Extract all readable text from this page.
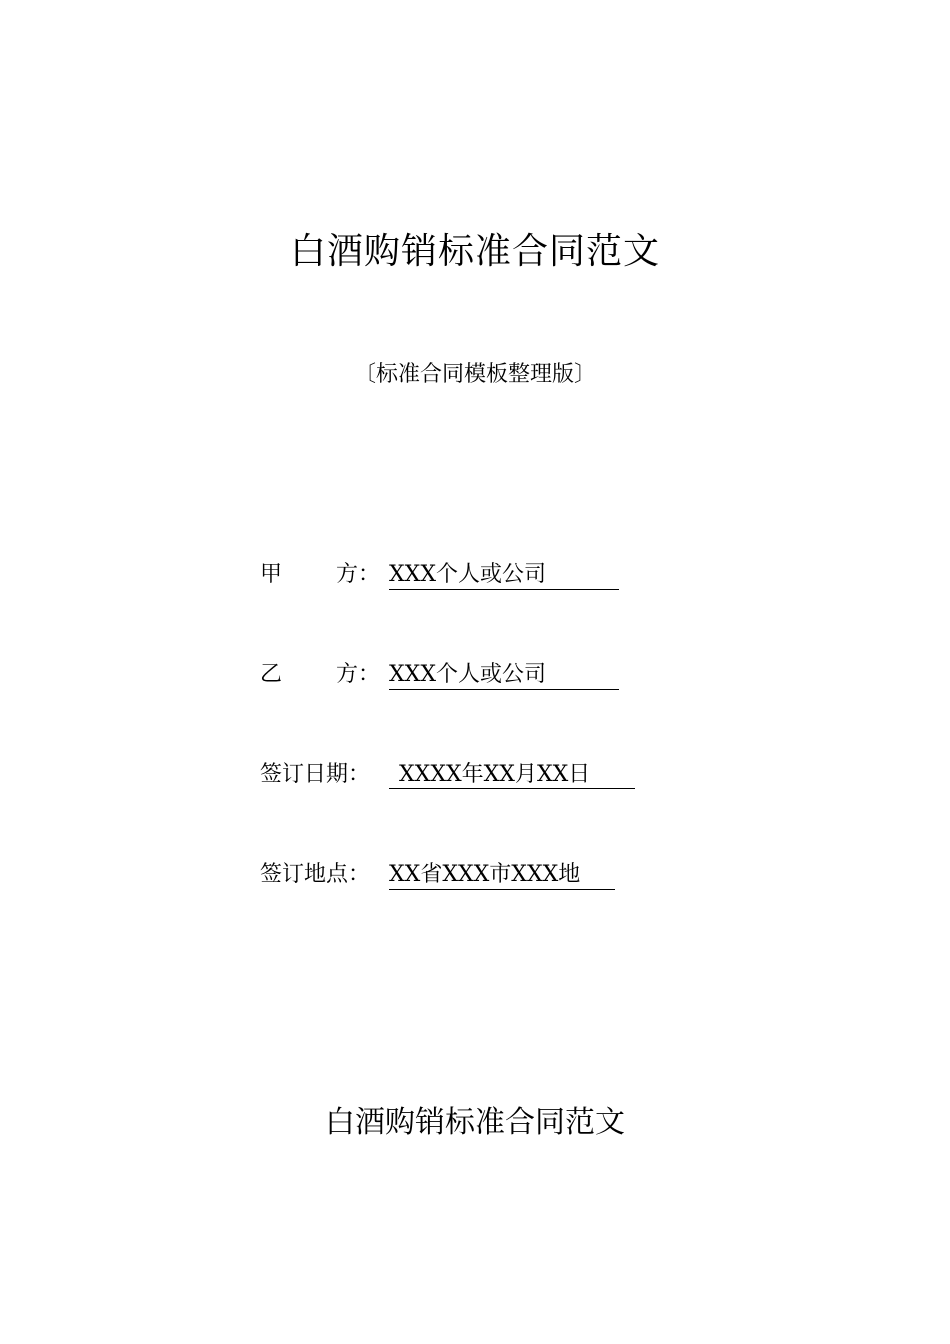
白酒购销标准合同范文
〔标准合同模板整理版〕
甲 方： XXX个人或公司
乙 方： XXX个人或公司
签订日期：	XXXX年XX月XX日
签订地点： XX省XXX市XXX地
白酒购销标准合同范文
